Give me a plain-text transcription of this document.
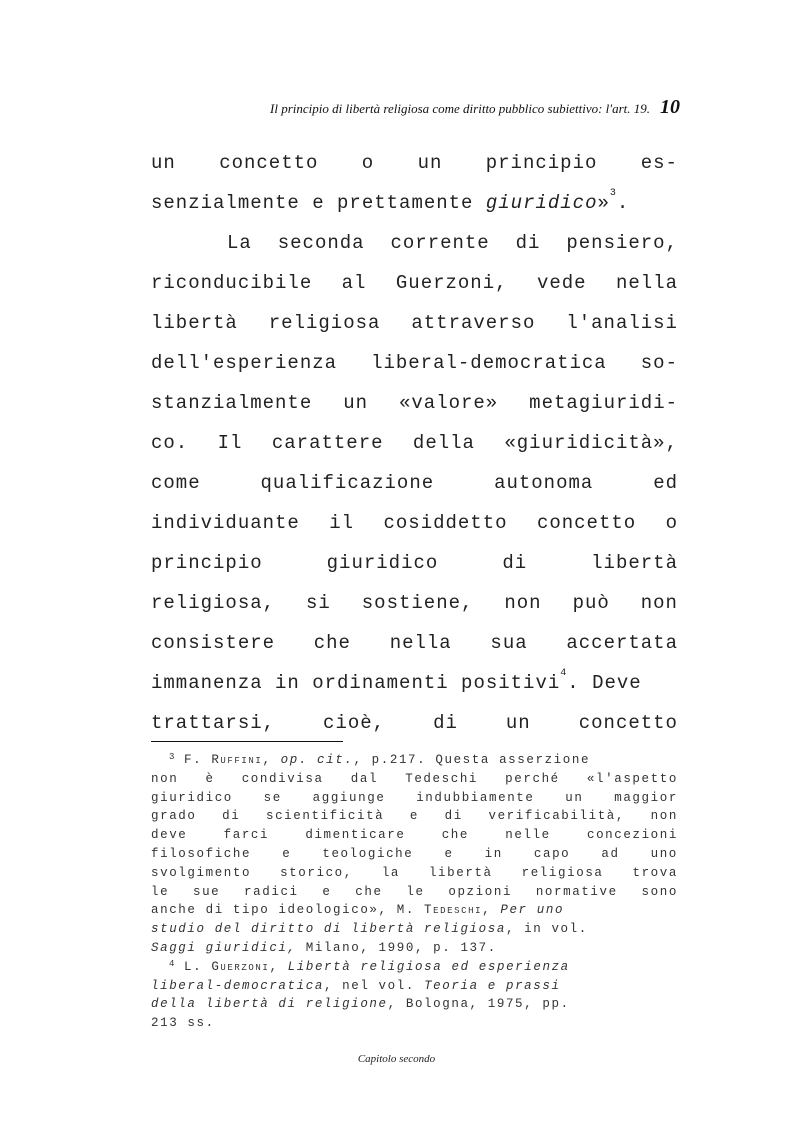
Il principio di libertà religiosa come diritto pubblico subiettivo: l'art. 19. 10
un concetto o un principio es-
senzialmente e prettamente giuridico»$^3$.
La seconda corrente di pensiero,
riconducibile al Guerzoni, vede nella
libertà religiosa attraverso l'analisi
dell'esperienza liberal-democratica so-
stanzialmente un «valore» metagiuridi-
co. Il carattere della «giuridicità»,
come	qualificazione	autonoma	ed
individuante il cosiddetto concetto o
principio	giuridico	di	libertà
religiosa, si sostiene, non può non
consistere che nella sua accertata
immanenza in ordinamenti positivi$^4$. Deve
trattarsi,	cioè,	di	un	concetto
$^3$ F. Ruffini, op. cit., p.217. Questa asserzione
non è condivisa dal Tedeschi perché «l'aspetto
giuridico se aggiunge indubbiamente un maggior
grado di scientificità e di verificabilità, non
deve	farci	dimenticare	che	nelle	concezioni
filosofiche e teologiche e in capo ad uno
svolgimento storico, la libertà religiosa trova
le sue radici e che le opzioni normative sono
anche di tipo ideologico», M. Tedeschi, Per uno
studio del diritto di libertà religiosa, in vol.
Saggi giuridici, Milano, 1990, p. 137.
$^4$ L. Guerzoni, Libertà religiosa ed esperienza
liberal-democratica, nel vol. Teoria e prassi
della libertà di religione, Bologna, 1975, pp.
213 ss.
Capitolo secondo
